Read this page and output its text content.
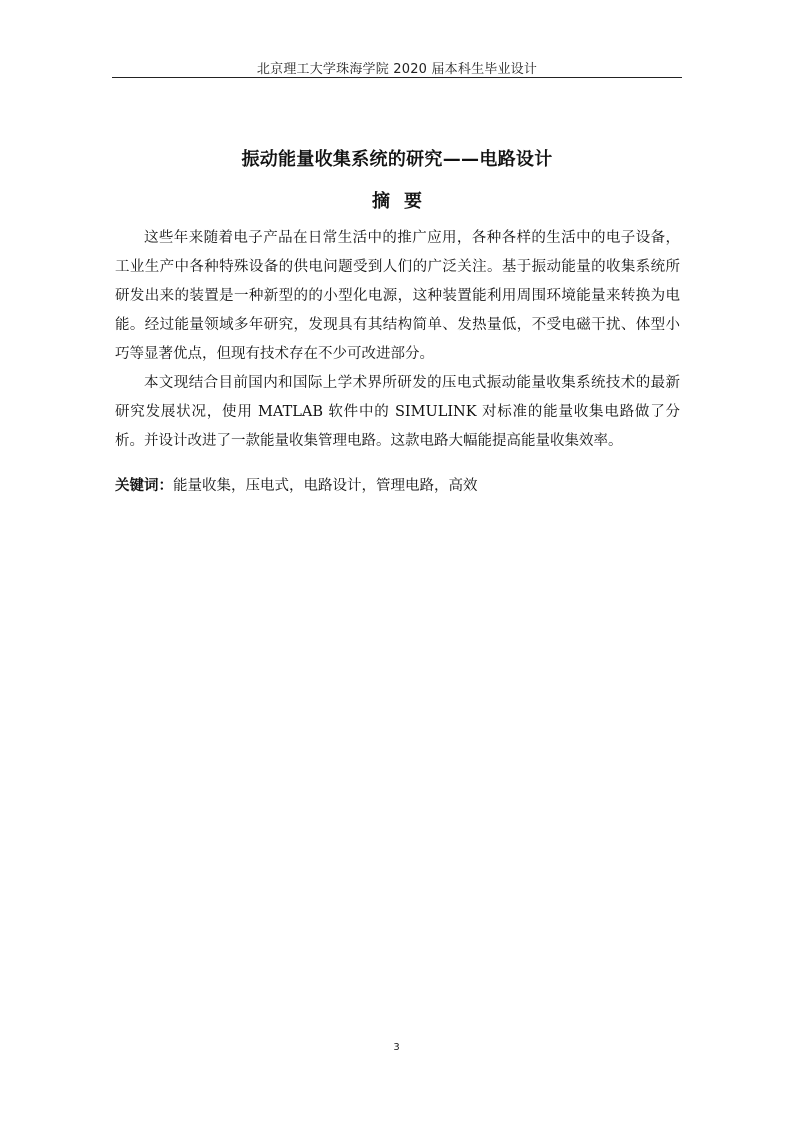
北京理工大学珠海学院 2020 届本科生毕业设计
振动能量收集系统的研究——电路设计
摘要

这些年来随着电子产品在日常生活中的推广应用，各种各样的生活中的电子设备，工业生产中各种特殊设备的供电问题受到人们的广泛关注。基于振动能量的收集系统所研发出来的装置是一种新型的的小型化电源，这种装置能利用周围环境能量来转换为电能。经过能量领域多年研究，发现具有其结构简单、发热量低，不受电磁干扰、体型小巧等显著优点，但现有技术存在不少可改进部分。

本文现结合目前国内和国际上学术界所研发的压电式振动能量收集系统技术的最新研究发展状况，使用 MATLAB 软件中的 SIMULINK 对标准的能量收集电路做了分析。并设计改进了一款能量收集管理电路。这款电路大幅能提高能量收集效率。

关键词：能量收集，压电式，电路设计，管理电路，高效
3
